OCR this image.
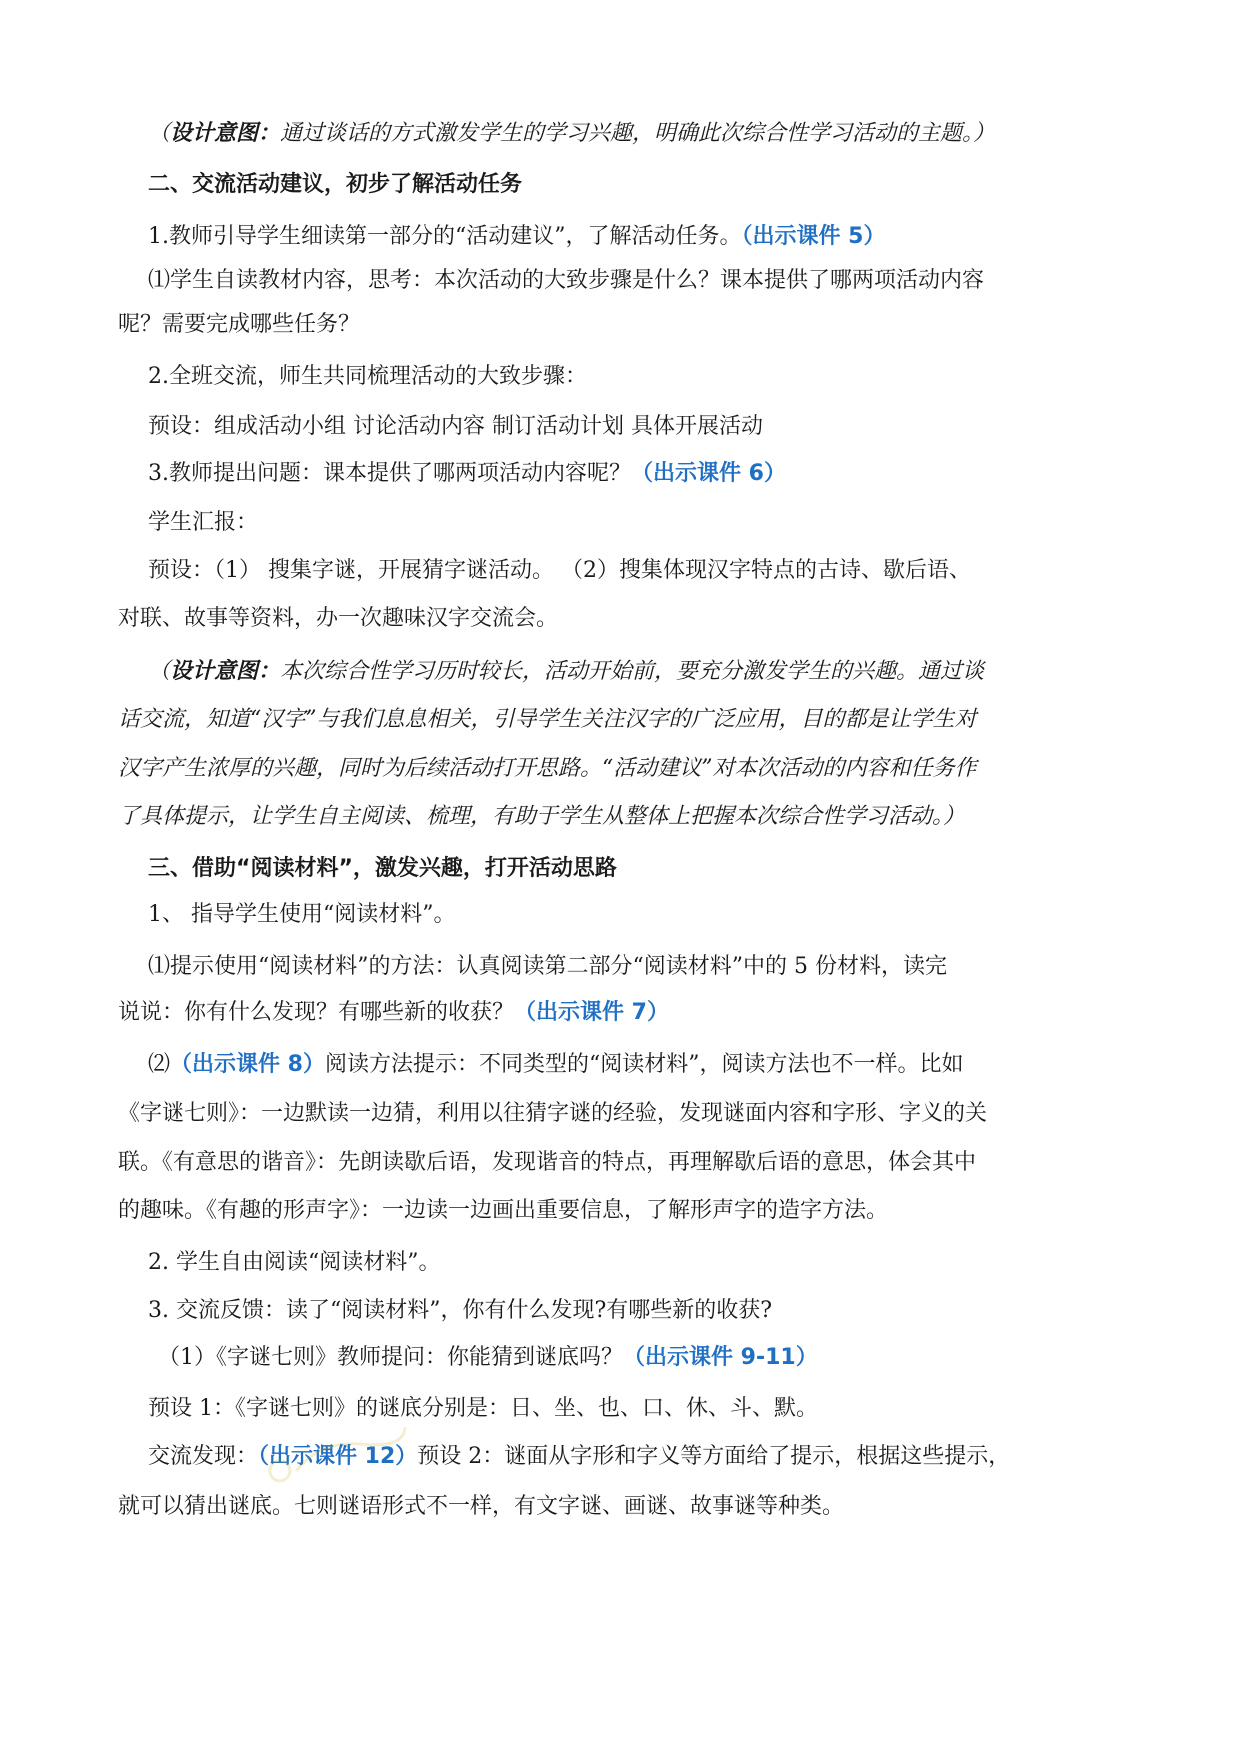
（设计意图：通过谈话的方式激发学生的学习兴趣，明确此次综合性学习活动的主题。）
二、交流活动建议，初步了解活动任务
1.教师引导学生细读第一部分的“活动建议”，了解活动任务。（出示课件 5）
⑴学生自读教材内容，思考：本次活动的大致步骤是什么？课本提供了哪两项活动内容
呢？需要完成哪些任务？
2.全班交流，师生共同梳理活动的大致步骤：
预设：组成活动小组 讨论活动内容 制订活动计划 具体开展活动
3.教师提出问题：课本提供了哪两项活动内容呢？（出示课件 6）
学生汇报：
预设：（1） 搜集字谜，开展猜字谜活动。 （2）搜集体现汉字特点的古诗、歇后语、
对联、故事等资料，办一次趣味汉字交流会。
（设计意图：本次综合性学习历时较长，活动开始前，要充分激发学生的兴趣。通过谈
话交流，知道“汉字”与我们息息相关，引导学生关注汉字的广泛应用，目的都是让学生对
汉字产生浓厚的兴趣，同时为后续活动打开思路。“活动建议”对本次活动的内容和任务作
了具体提示，让学生自主阅读、梳理，有助于学生从整体上把握本次综合性学习活动。）
三、借助“阅读材料”，激发兴趣，打开活动思路
1、 指导学生使用“阅读材料”。
⑴提示使用“阅读材料”的方法：认真阅读第二部分“阅读材料”中的 5 份材料，读完
说说：你有什么发现？有哪些新的收获？（出示课件 7）
⑵（出示课件 8）阅读方法提示：不同类型的“阅读材料”，阅读方法也不一样。比如
《字谜七则》：一边默读一边猜，利用以往猜字谜的经验，发现谜面内容和字形、字义的关
联。《有意思的谐音》：先朗读歇后语，发现谐音的特点，再理解歇后语的意思，体会其中
的趣味。《有趣的形声字》：一边读一边画出重要信息，了解形声字的造字方法。
2. 学生自由阅读“阅读材料”。
3. 交流反馈：读了“阅读材料”，你有什么发现?有哪些新的收获?
（1）《字谜七则》教师提问：你能猜到谜底吗？（出示课件 9-11）
预设 1：《字谜七则》的谜底分别是：日、坐、也、口、休、斗、默。
交流发现：（出示课件 12）预设 2：谜面从字形和字义等方面给了提示，根据这些提示，
就可以猜出谜底。七则谜语形式不一样，有文字谜、画谜、故事谜等种类。
